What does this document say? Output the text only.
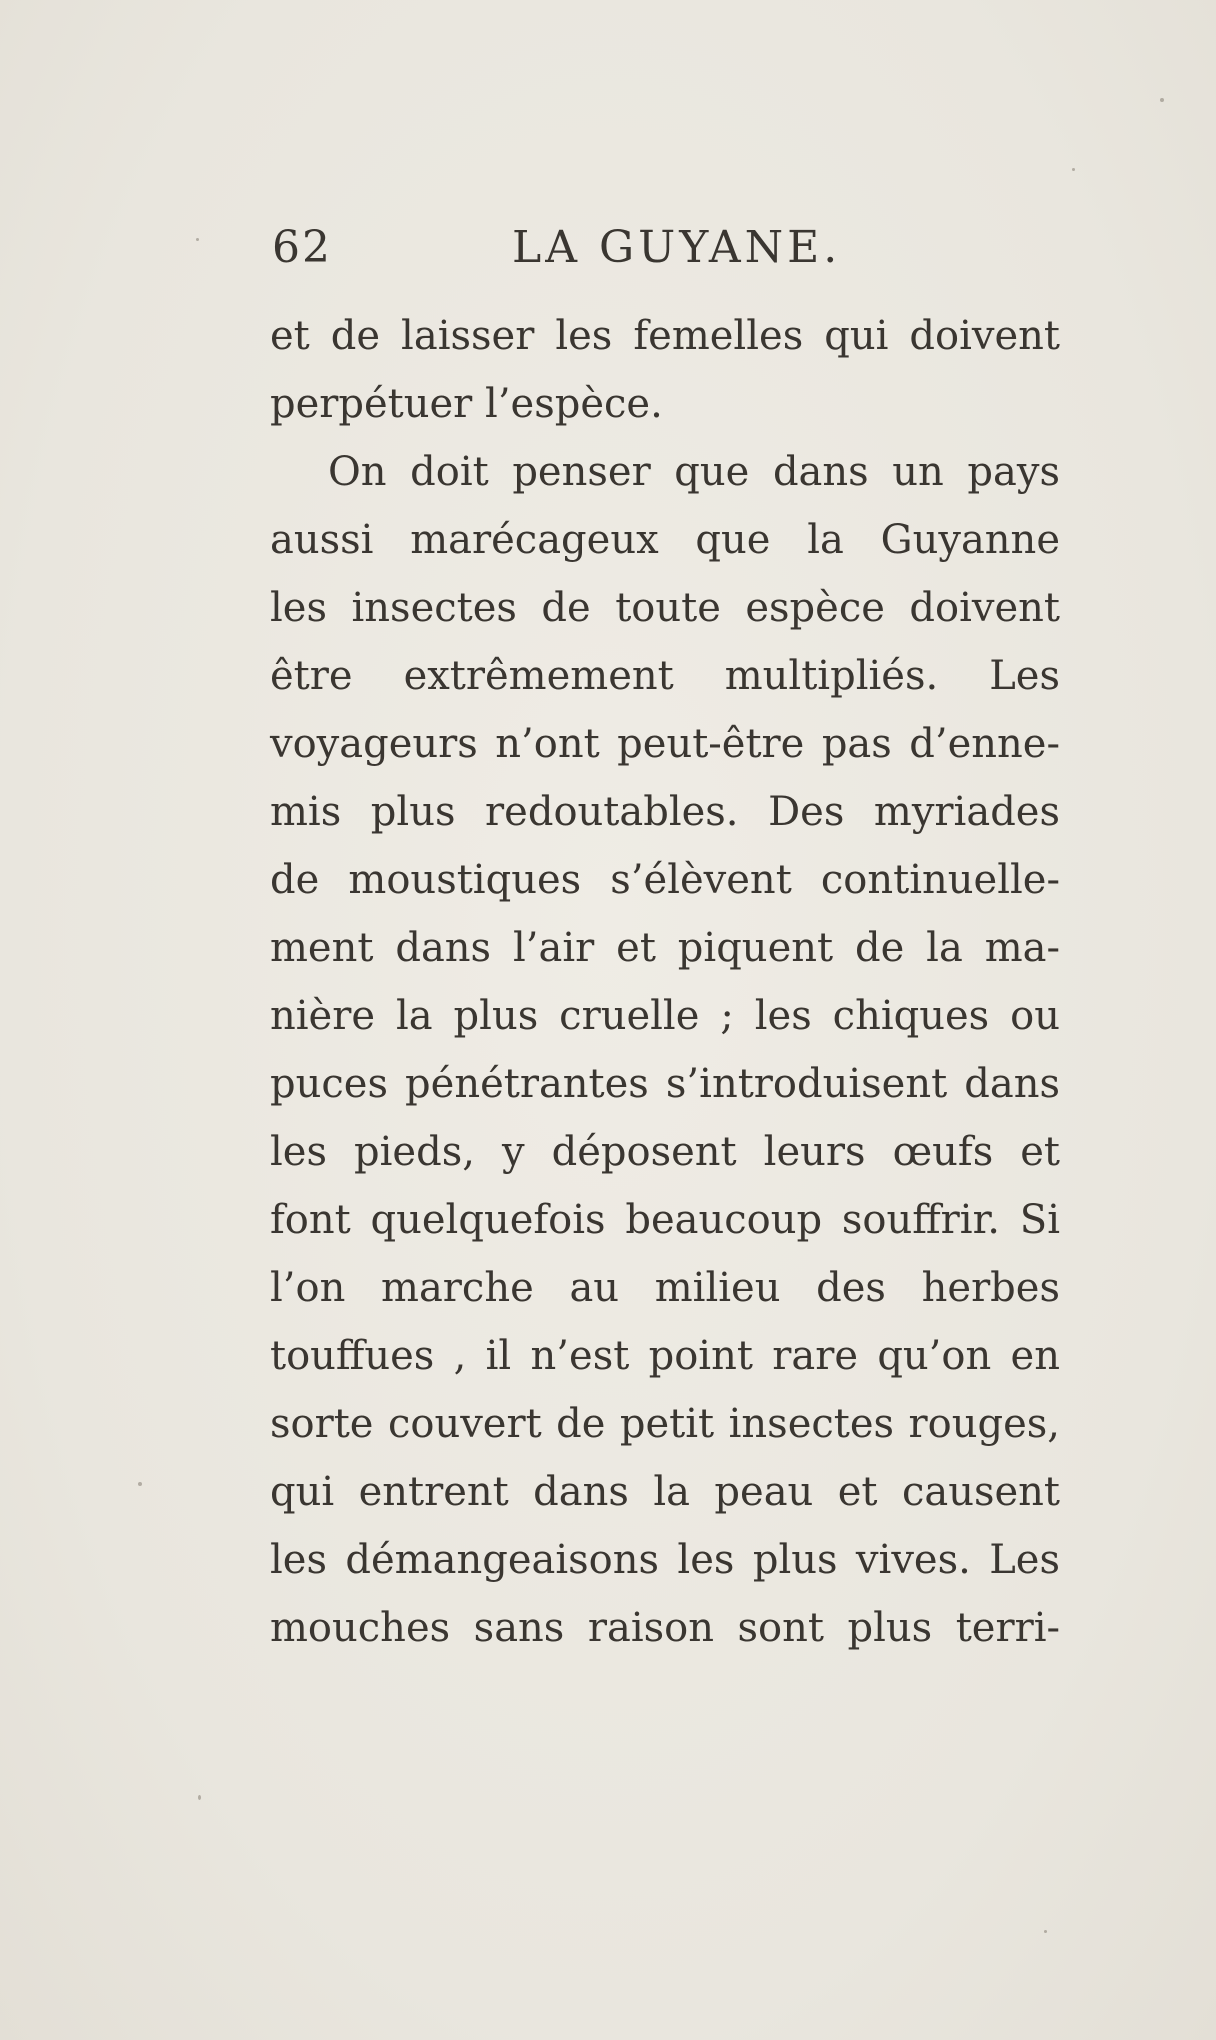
62	LA GUYANE.
et de laisser les femelles qui doivent
perpétuer l’espèce.
On doit penser que dans un pays
aussi marécageux que la Guyanne
les insectes de toute espèce doivent
être extrêmement multipliés. Les
voyageurs n’ont peut-être pas d’enne-
mis plus redoutables. Des myriades
de moustiques s’élèvent continuelle-
ment dans l’air et piquent de la ma-
nière la plus cruelle ; les chiques ou
puces pénétrantes s’introduisent dans
les pieds, y déposent leurs œufs et
font quelquefois beaucoup souffrir. Si
l’on marche au milieu des herbes
touffues , il n’est point rare qu’on en
sorte couvert de petit insectes rouges,
qui entrent dans la peau et causent
les démangeaisons les plus vives. Les
mouches sans raison sont plus terri-
